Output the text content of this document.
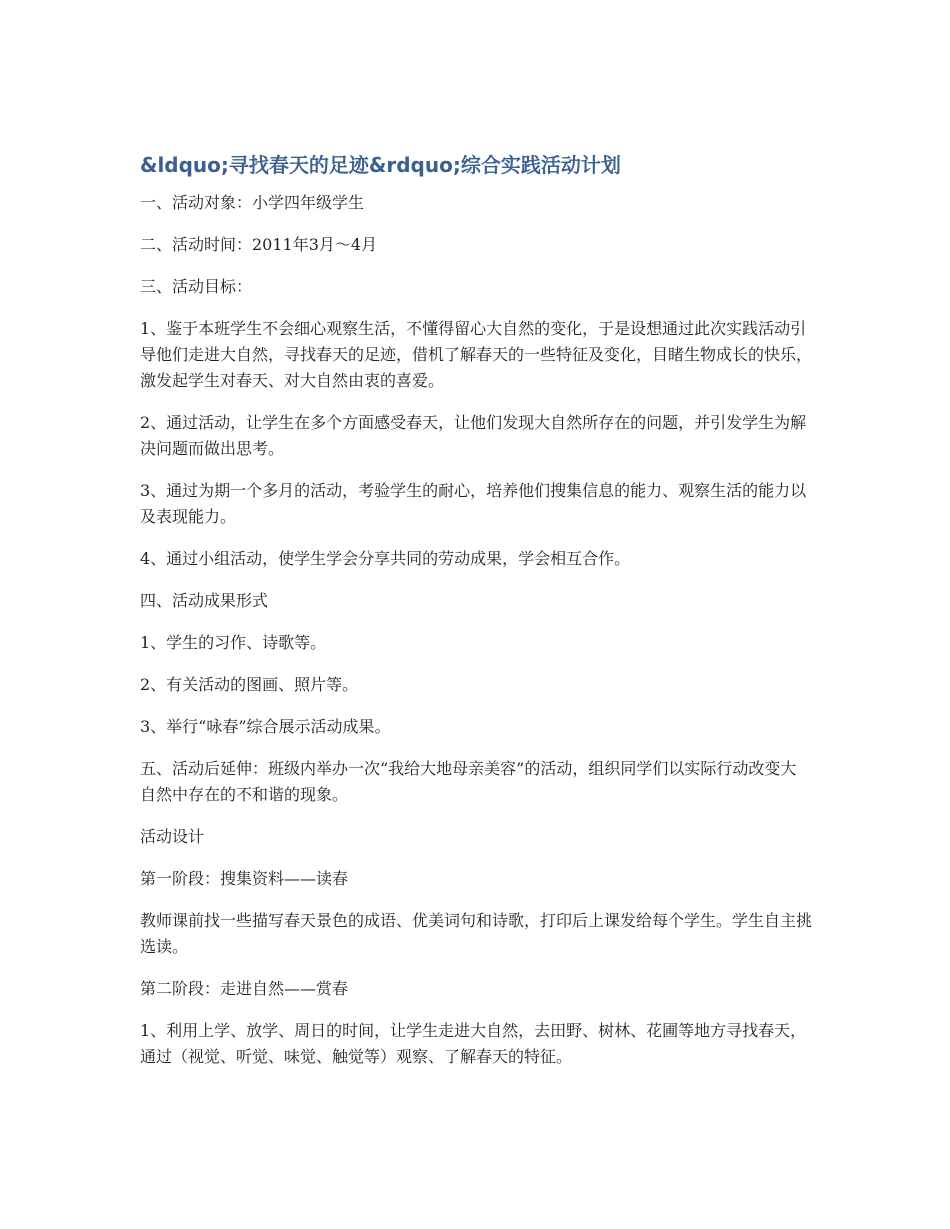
&ldquo;寻找春天的足迹&rdquo;综合实践活动计划

一、活动对象：小学四年级学生

二、活动时间：2011年3月～4月

三、活动目标：

1、鉴于本班学生不会细心观察生活，不懂得留心大自然的变化，于是设想通过此次实践活动引导他们走进大自然，寻找春天的足迹，借机了解春天的一些特征及变化，目睹生物成长的快乐，激发起学生对春天、对大自然由衷的喜爱。

2、通过活动，让学生在多个方面感受春天，让他们发现大自然所存在的问题，并引发学生为解决问题而做出思考。

3、通过为期一个多月的活动，考验学生的耐心，培养他们搜集信息的能力、观察生活的能力以及表现能力。

4、通过小组活动，使学生学会分享共同的劳动成果，学会相互合作。

四、活动成果形式

1、学生的习作、诗歌等。

2、有关活动的图画、照片等。

3、举行“咏春”综合展示活动成果。

五、活动后延伸：班级内举办一次“我给大地母亲美容”的活动，组织同学们以实际行动改变大自然中存在的不和谐的现象。

活动设计

第一阶段：搜集资料——读春

教师课前找一些描写春天景色的成语、优美词句和诗歌，打印后上课发给每个学生。学生自主挑选读。

第二阶段：走进自然——赏春

1、利用上学、放学、周日的时间，让学生走进大自然，去田野、树林、花圃等地方寻找春天，通过（视觉、听觉、味觉、触觉等）观察、了解春天的特征。
